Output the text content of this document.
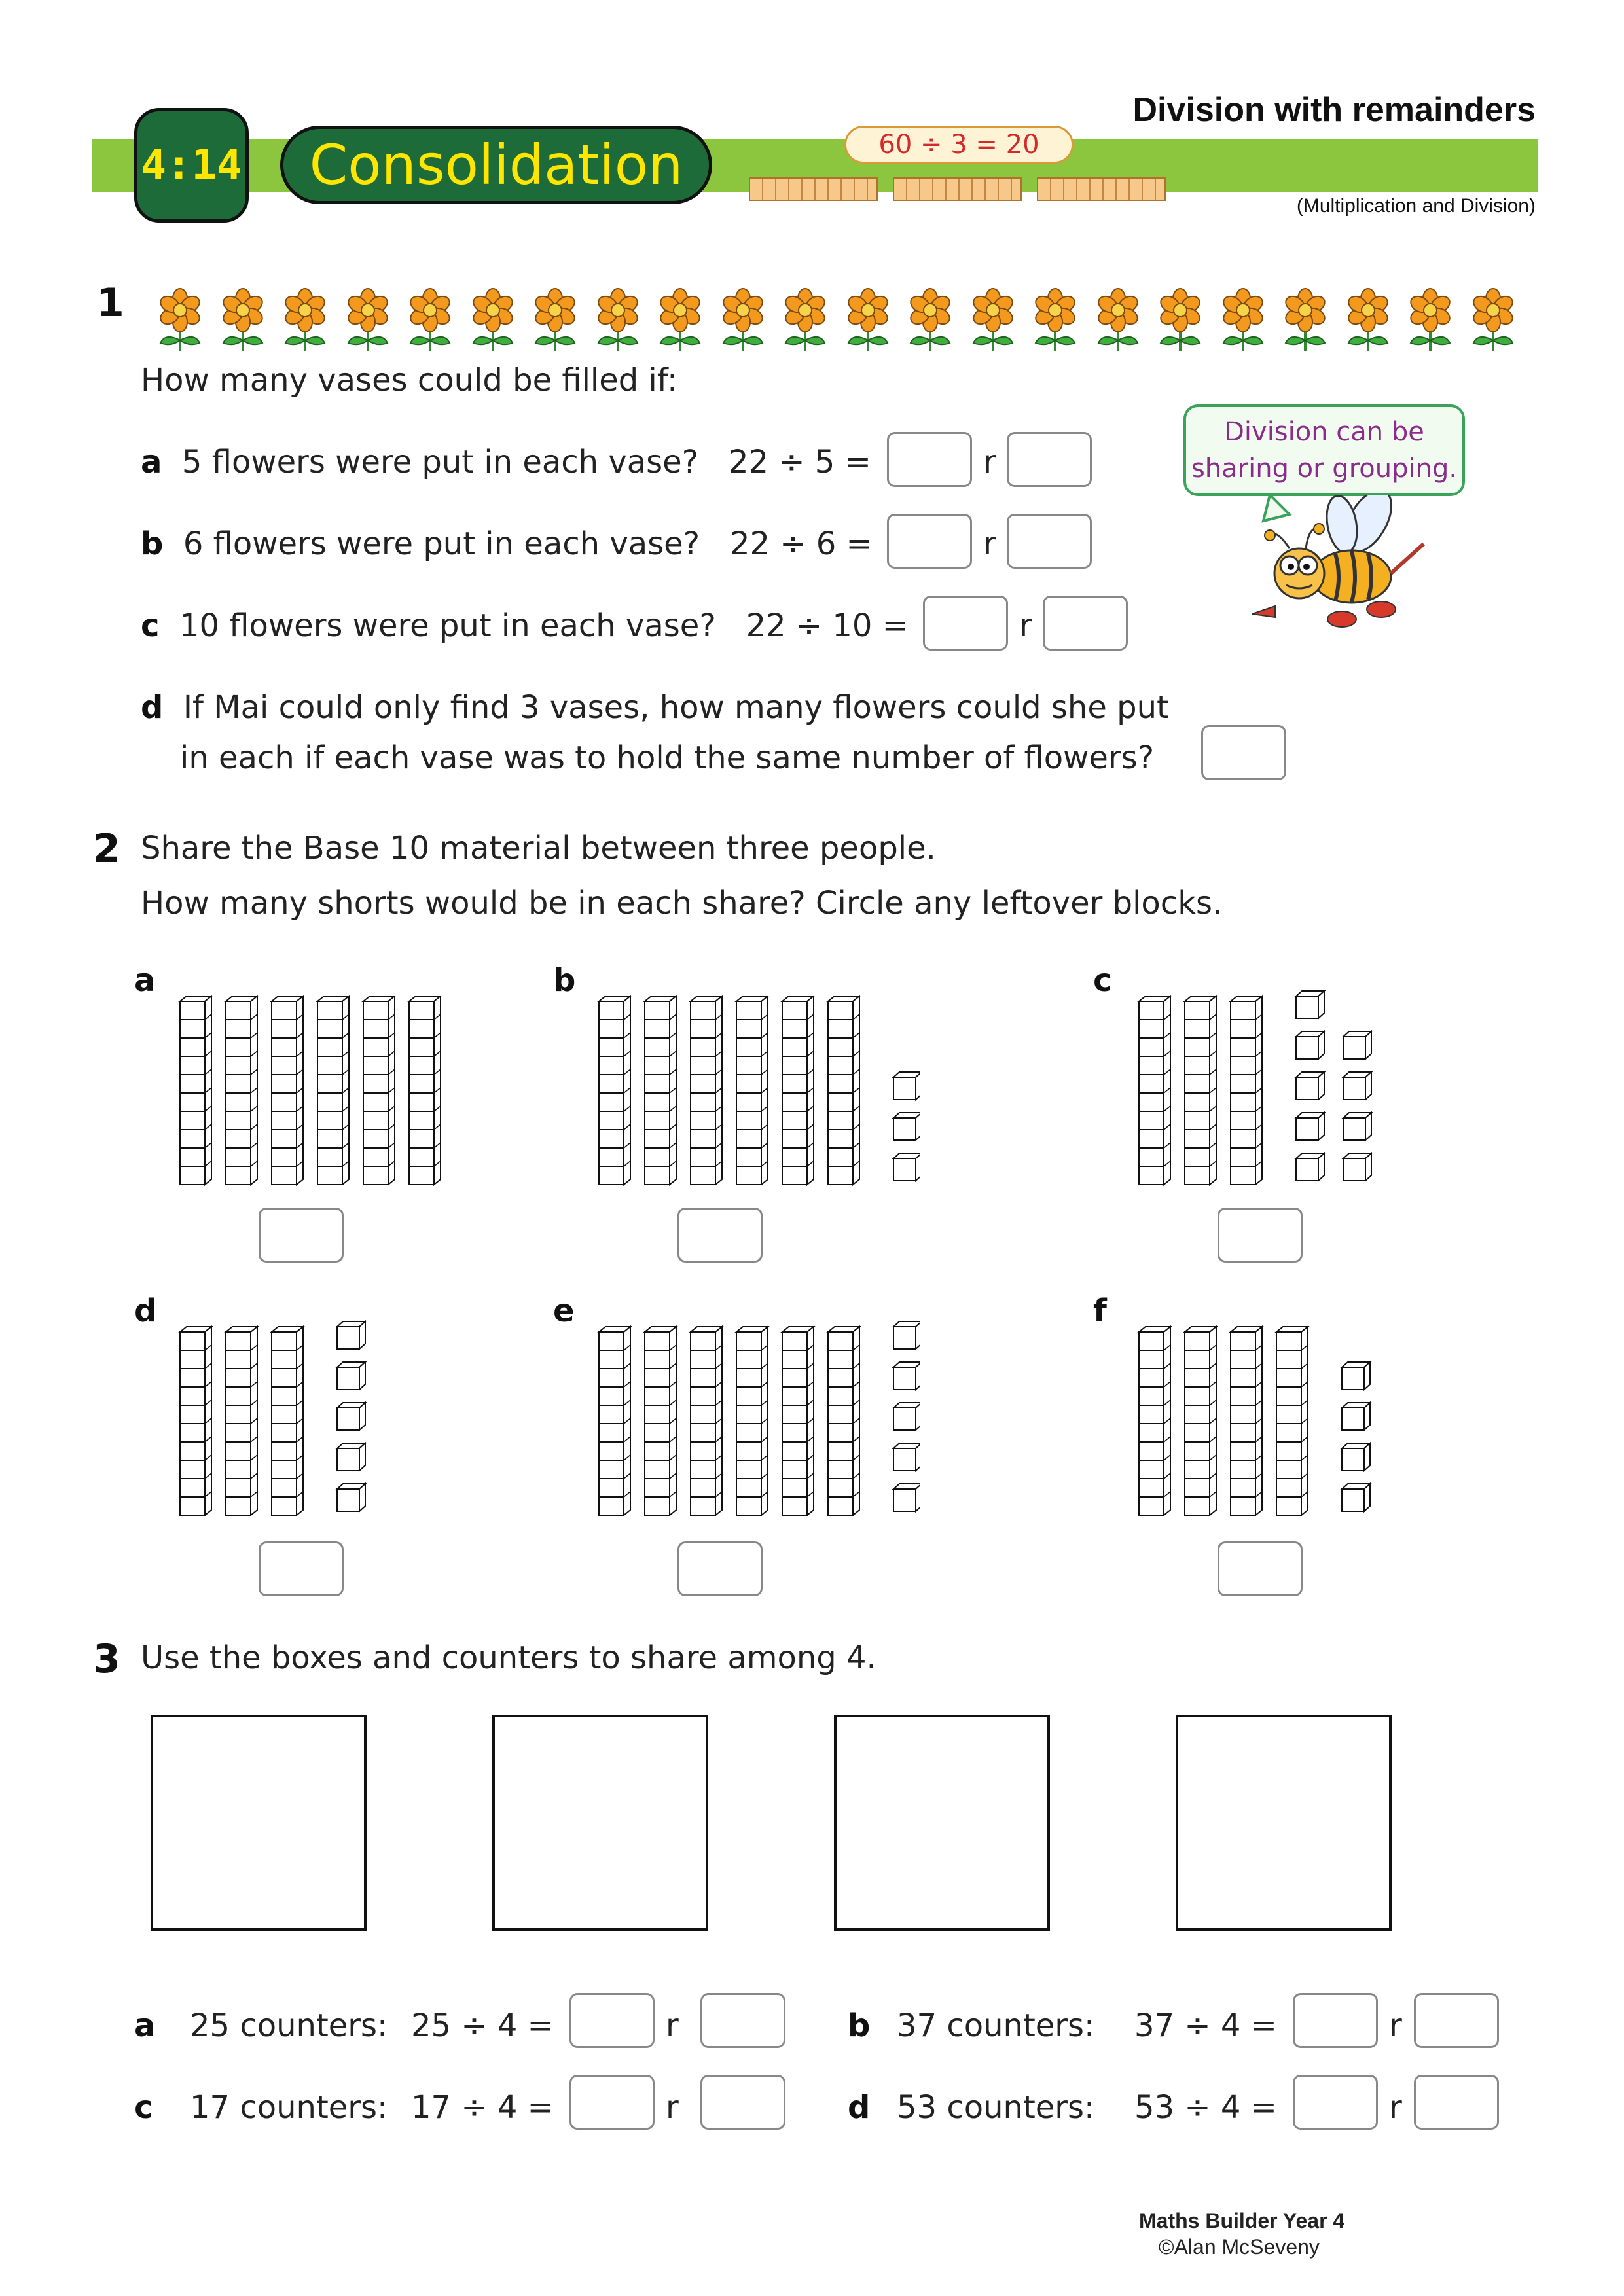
4:14	Consolidation
Division with remainders
60 ÷ 3 = 20
(Multiplication and Division)
1
How many vases could be filled if:
a 5 flowers were put in each vase? 22 ÷ 5 =	r
b 6 flowers were put in each vase? 22 ÷ 6 =	r
c 10 flowers were put in each vase? 22 ÷ 10 =	r
d If Mai could only find 3 vases, how many flowers could she put
in each if each vase was to hold the same number of flowers?
Division can be
sharing or grouping.
2 Share the Base 10 material between three people.
How many shorts would be in each share? Circle any leftover blocks.
a	b	c
d	e	f
3 Use the boxes and counters to share among 4.
a 25 counters: 25 ÷ 4 =	r	b 37 counters: 37 ÷ 4 =	r
c 17 counters: 17 ÷ 4 =	r	d 53 counters: 53 ÷ 4 =	r
Maths Builder Year 4
©Alan McSeveny
